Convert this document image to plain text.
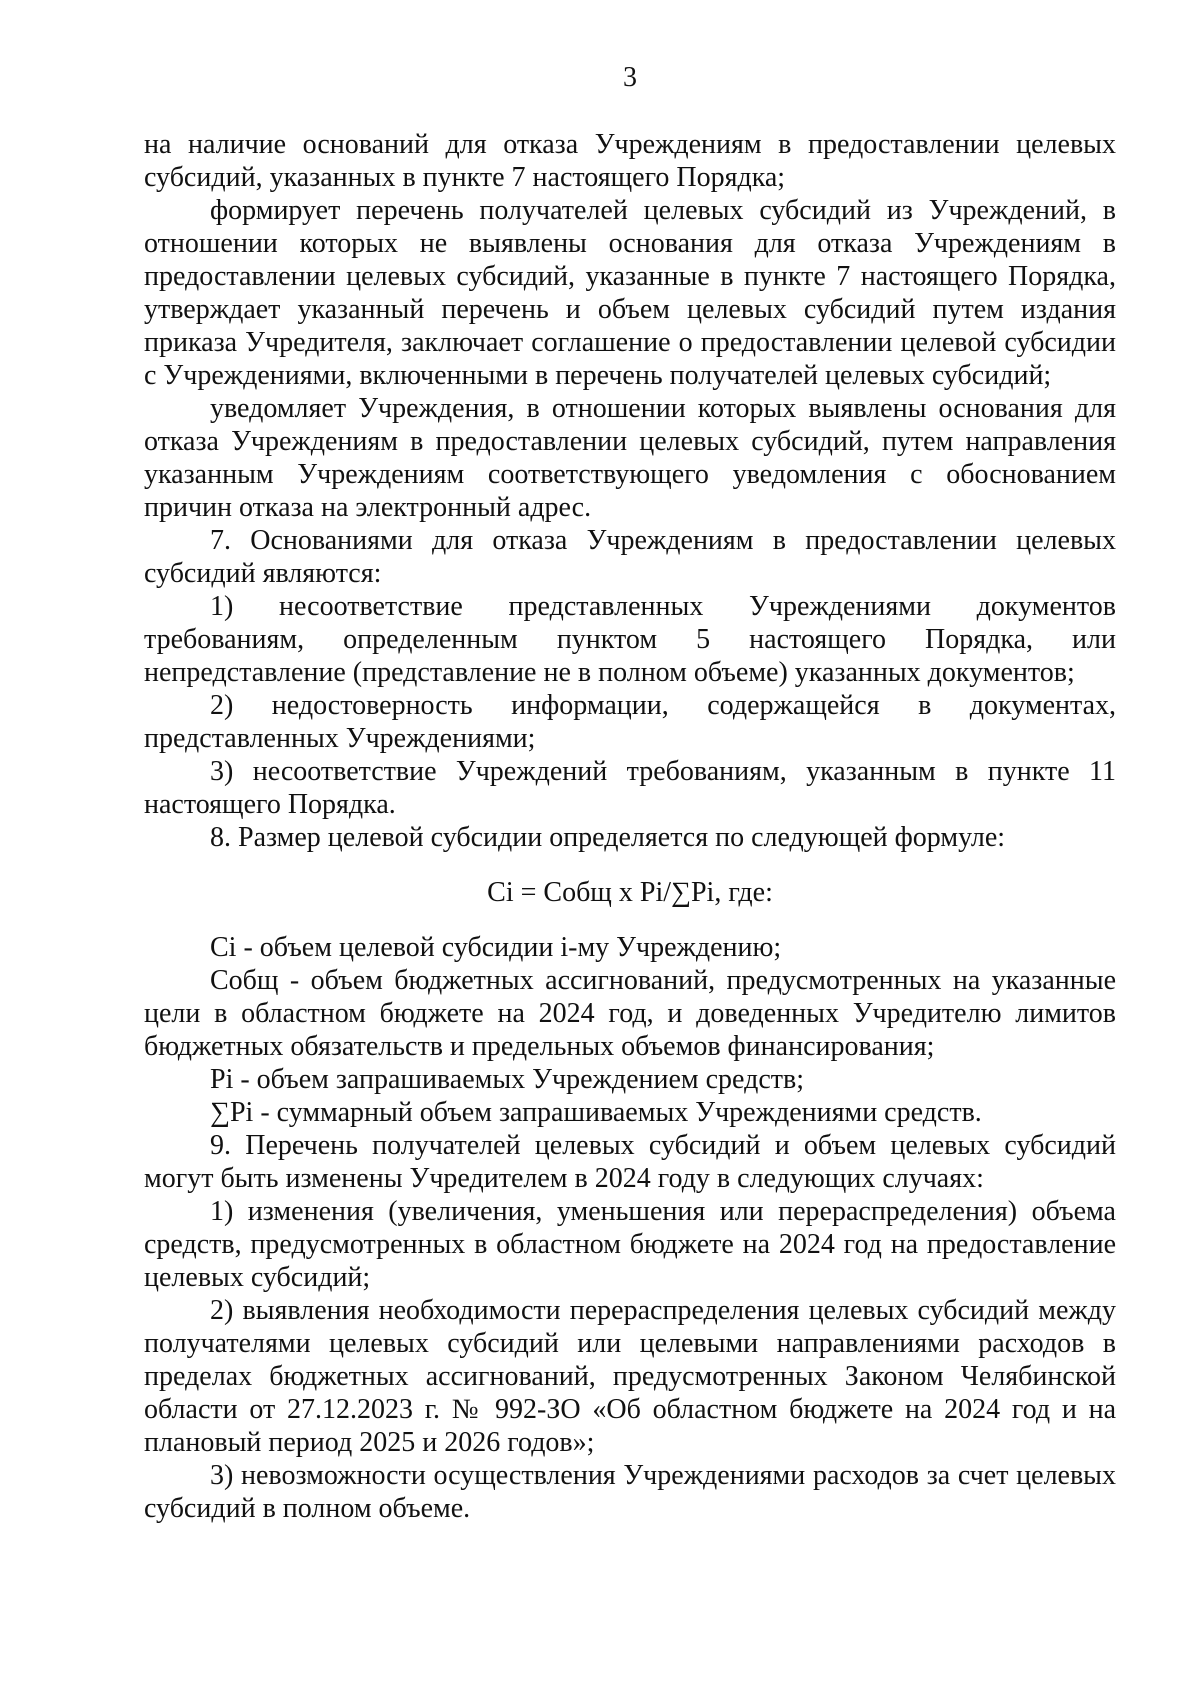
3

на наличие оснований для отказа Учреждениям в предоставлении целевых субсидий, указанных в пункте 7 настоящего Порядка;

формирует перечень получателей целевых субсидий из Учреждений, в отношении которых не выявлены основания для отказа Учреждениям в предоставлении целевых субсидий, указанные в пункте 7 настоящего Порядка, утверждает указанный перечень и объем целевых субсидий путем издания приказа Учредителя, заключает соглашение о предоставлении целевой субсидии с Учреждениями, включенными в перечень получателей целевых субсидий;

уведомляет Учреждения, в отношении которых выявлены основания для отказа Учреждениям в предоставлении целевых субсидий, путем направления указанным Учреждениям соответствующего уведомления с обоснованием причин отказа на электронный адрес.

7. Основаниями для отказа Учреждениям в предоставлении целевых субсидий являются:

1) несоответствие представленных Учреждениями документов требованиям, определенным пунктом 5 настоящего Порядка, или непредставление (представление не в полном объеме) указанных документов;

2) недостоверность информации, содержащейся в документах, представленных Учреждениями;

3) несоответствие Учреждений требованиям, указанным в пункте 11 настоящего Порядка.

8. Размер целевой субсидии определяется по следующей формуле:

Ci = Cобщ x Pi/∑Pi, где:

Ci - объем целевой субсидии i-му Учреждению;

Cобщ - объем бюджетных ассигнований, предусмотренных на указанные цели в областном бюджете на 2024 год, и доведенных Учредителю лимитов бюджетных обязательств и предельных объемов финансирования;

Pi - объем запрашиваемых Учреждением средств;

∑Pi - суммарный объем запрашиваемых Учреждениями средств.

9. Перечень получателей целевых субсидий и объем целевых субсидий могут быть изменены Учредителем в 2024 году в следующих случаях:

1) изменения (увеличения, уменьшения или перераспределения) объема средств, предусмотренных в областном бюджете на 2024 год на предоставление целевых субсидий;

2) выявления необходимости перераспределения целевых субсидий между получателями целевых субсидий или целевыми направлениями расходов в пределах бюджетных ассигнований, предусмотренных Законом Челябинской области от 27.12.2023 г. № 992-ЗО «Об областном бюджете на 2024 год и на плановый период 2025 и 2026 годов»;

3) невозможности осуществления Учреждениями расходов за счет целевых субсидий в полном объеме.
